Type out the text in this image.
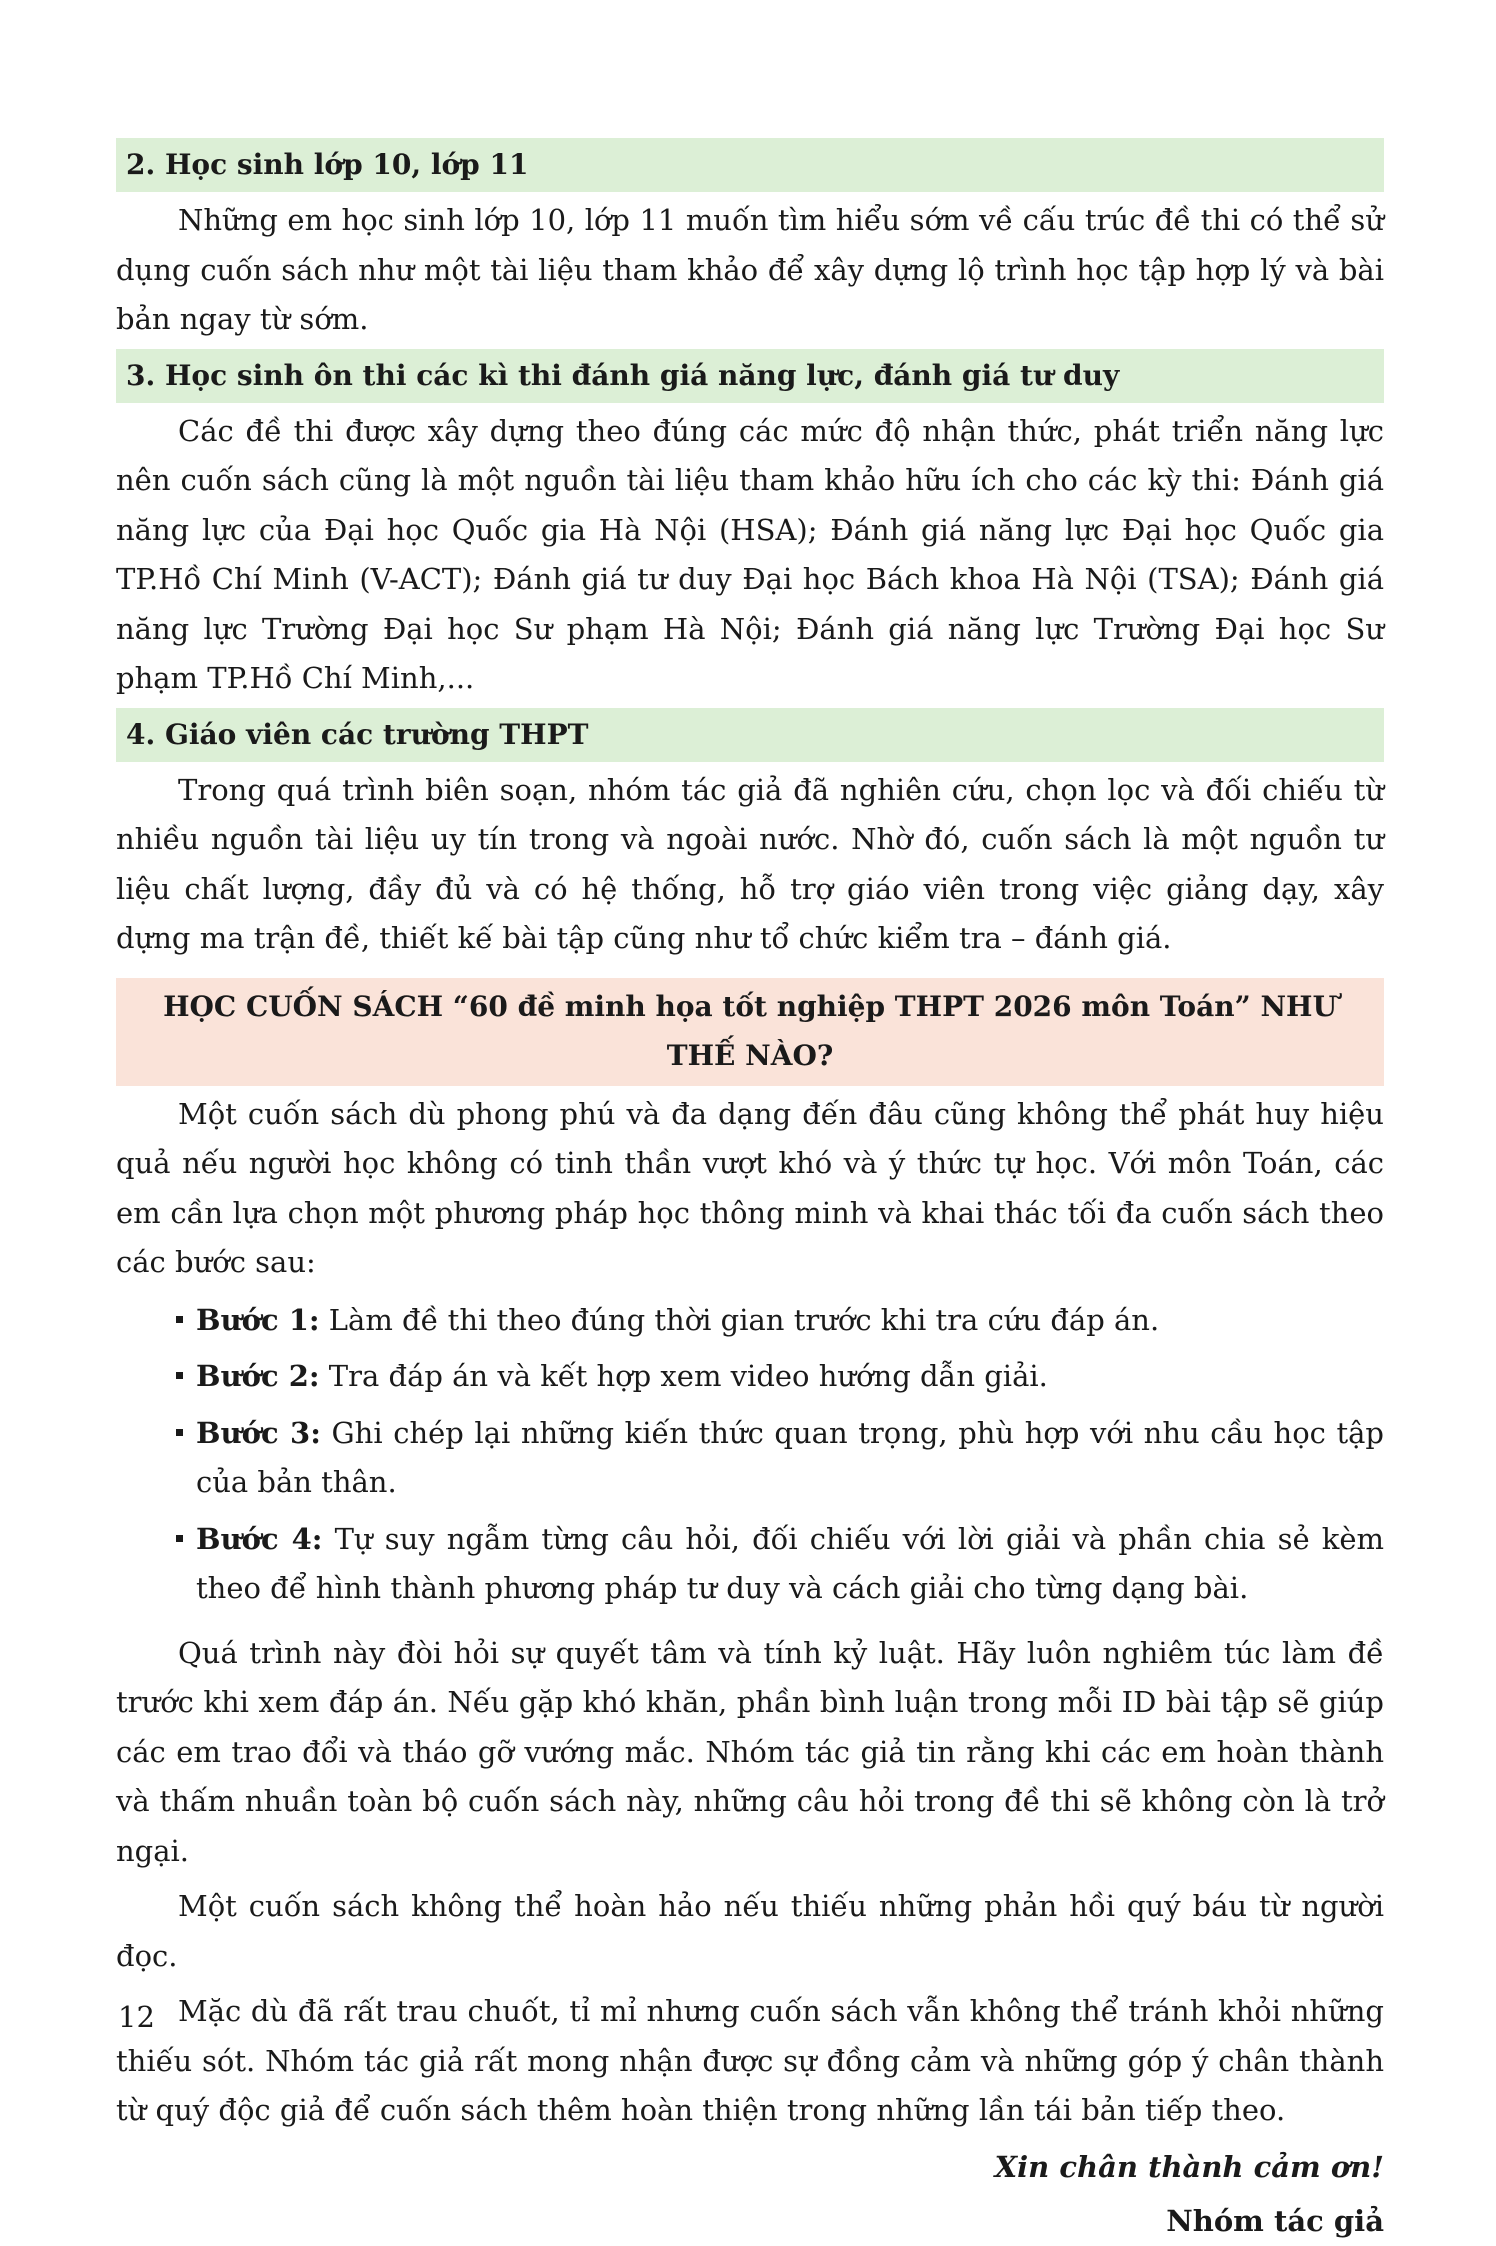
2. Học sinh lớp 10, lớp 11

Những em học sinh lớp 10, lớp 11 muốn tìm hiểu sớm về cấu trúc đề thi có thể sử dụng cuốn sách như một tài liệu tham khảo để xây dựng lộ trình học tập hợp lý và bài bản ngay từ sớm.

3. Học sinh ôn thi các kì thi đánh giá năng lực, đánh giá tư duy

Các đề thi được xây dựng theo đúng các mức độ nhận thức, phát triển năng lực nên cuốn sách cũng là một nguồn tài liệu tham khảo hữu ích cho các kỳ thi: Đánh giá năng lực của Đại học Quốc gia Hà Nội (HSA); Đánh giá năng lực Đại học Quốc gia TP.Hồ Chí Minh (V-ACT); Đánh giá tư duy Đại học Bách khoa Hà Nội (TSA); Đánh giá năng lực Trường Đại học Sư phạm Hà Nội; Đánh giá năng lực Trường Đại học Sư phạm TP.Hồ Chí Minh,...

4. Giáo viên các trường THPT

Trong quá trình biên soạn, nhóm tác giả đã nghiên cứu, chọn lọc và đối chiếu từ nhiều nguồn tài liệu uy tín trong và ngoài nước. Nhờ đó, cuốn sách là một nguồn tư liệu chất lượng, đầy đủ và có hệ thống, hỗ trợ giáo viên trong việc giảng dạy, xây dựng ma trận đề, thiết kế bài tập cũng như tổ chức kiểm tra – đánh giá.

HỌC CUỐN SÁCH “60 đề minh họa tốt nghiệp THPT 2026 môn Toán” NHƯ THẾ NÀO?

Một cuốn sách dù phong phú và đa dạng đến đâu cũng không thể phát huy hiệu quả nếu người học không có tinh thần vượt khó và ý thức tự học. Với môn Toán, các em cần lựa chọn một phương pháp học thông minh và khai thác tối đa cuốn sách theo các bước sau:

Bước 1: Làm đề thi theo đúng thời gian trước khi tra cứu đáp án.
Bước 2: Tra đáp án và kết hợp xem video hướng dẫn giải.
Bước 3: Ghi chép lại những kiến thức quan trọng, phù hợp với nhu cầu học tập của bản thân.
Bước 4: Tự suy ngẫm từng câu hỏi, đối chiếu với lời giải và phần chia sẻ kèm theo để hình thành phương pháp tư duy và cách giải cho từng dạng bài.

Quá trình này đòi hỏi sự quyết tâm và tính kỷ luật. Hãy luôn nghiêm túc làm đề trước khi xem đáp án. Nếu gặp khó khăn, phần bình luận trong mỗi ID bài tập sẽ giúp các em trao đổi và tháo gỡ vướng mắc. Nhóm tác giả tin rằng khi các em hoàn thành và thấm nhuần toàn bộ cuốn sách này, những câu hỏi trong đề thi sẽ không còn là trở ngại.

Một cuốn sách không thể hoàn hảo nếu thiếu những phản hồi quý báu từ người đọc.

Mặc dù đã rất trau chuốt, tỉ mỉ nhưng cuốn sách vẫn không thể tránh khỏi những thiếu sót. Nhóm tác giả rất mong nhận được sự đồng cảm và những góp ý chân thành từ quý độc giả để cuốn sách thêm hoàn thiện trong những lần tái bản tiếp theo.

Xin chân thành cảm ơn!
Nhóm tác giả
12
